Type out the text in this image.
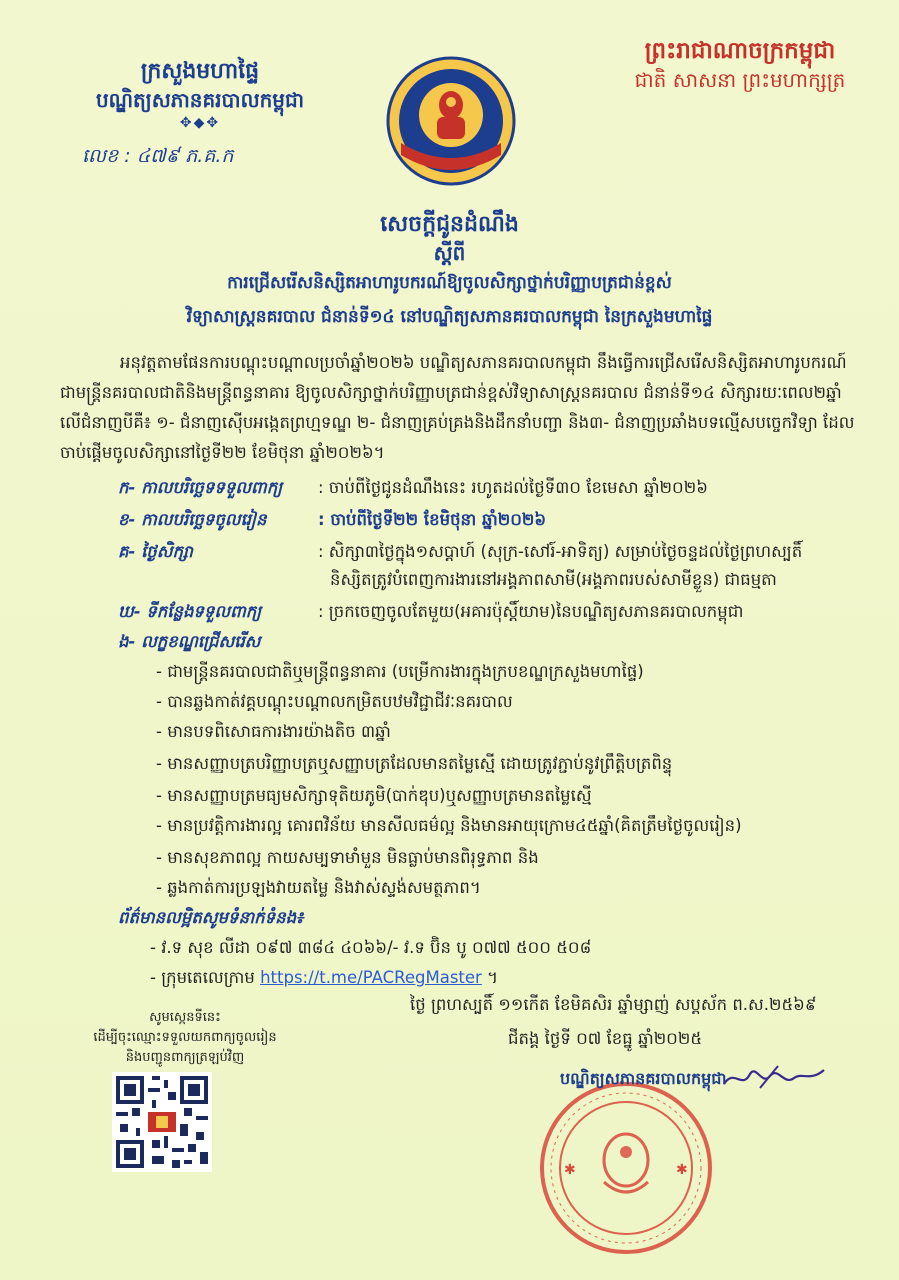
ក្រសួងមហាផ្ទៃ
បណ្ឌិត្យសភានគរបាលកម្ពុជា
✥◆✥
លេខ : ៤៧៩ ភ.គ.ក
ព្រះរាជាណាចក្រកម្ពុជា
ជាតិ សាសនា ព្រះមហាក្សត្រ
សេចក្តីជូនដំណឹង
ស្តីពី
ការជ្រើសរើសនិស្សិតអាហារូបករណ៍ឱ្យចូលសិក្សាថ្នាក់បរិញ្ញាបត្រជាន់ខ្ពស់
វិទ្យាសាស្ត្រនគរបាល ជំនាន់ទី១៤ នៅបណ្ឌិត្យសភានគរបាលកម្ពុជា នៃក្រសួងមហាផ្ទៃ
អនុវត្តតាមផែនការបណ្តុះបណ្តាលប្រចាំឆ្នាំ២០២៦ បណ្ឌិត្យសភានគរបាលកម្ពុជា នឹងធ្វើការជ្រើសរើសនិស្សិតអាហារូបករណ៍ជាមន្ត្រីនគរបាលជាតិនិងមន្ត្រីពន្ធនាគារ ឱ្យចូលសិក្សាថ្នាក់បរិញ្ញាបត្រជាន់ខ្ពស់វិទ្យាសាស្ត្រនគរបាល ជំនាន់ទី១៤ សិក្សារយៈពេល២ឆ្នាំ លើជំនាញបីគឺ៖ ១- ជំនាញស៊ើបអង្កេតព្រហ្មទណ្ឌ ២- ជំនាញគ្រប់គ្រងនិងដឹកនាំបញ្ជា និង៣- ជំនាញប្រឆាំងបទល្មើសបច្ចេកវិទ្យា ដែលចាប់ផ្តើមចូលសិក្សានៅថ្ងៃទី២២ ខែមិថុនា ឆ្នាំ២០២៦។
ក- កាលបរិច្ឆេទទទួលពាក្យ : ចាប់ពីថ្ងៃជូនដំណឹងនេះ រហូតដល់ថ្ងៃទី៣០ ខែមេសា ឆ្នាំ២០២៦
ខ- កាលបរិច្ឆេទចូលរៀន	: ចាប់ពីថ្ងៃទី២២ ខែមិថុនា ឆ្នាំ២០២៦
គ- ថ្ងៃសិក្សា	: សិក្សា៣ថ្ងៃក្នុង១សប្តាហ៍ (សុក្រ-សៅរ៍-អាទិត្យ) សម្រាប់ថ្ងៃចន្ទដល់ថ្ងៃព្រហស្បតិ៍
និស្សិតត្រូវបំពេញការងារនៅអង្គភាពសាមី(អង្គភាពរបស់សាមីខ្លួន) ជាធម្មតា
ឃ- ទីកន្លែងទទួលពាក្យ	: ច្រកចេញចូលតែមួយ(អគារប៉ុស្តិ៍យាម)នៃបណ្ឌិត្យសភានគរបាលកម្ពុជា
ង- លក្ខខណ្ឌជ្រើសរើស
- ជាមន្ត្រីនគរបាលជាតិឬមន្ត្រីពន្ធនាគារ (បម្រើការងារក្នុងក្របខណ្ឌក្រសួងមហាផ្ទៃ)
- បានឆ្លងកាត់វគ្គបណ្តុះបណ្តាលកម្រិតបឋមវិជ្ជាជីវៈនគរបាល
- មានបទពិសោធការងារយ៉ាងតិច ៣ឆ្នាំ
- មានសញ្ញាបត្របរិញ្ញាបត្រឬសញ្ញាបត្រដែលមានតម្លៃស្មើ ដោយត្រូវភ្ជាប់នូវព្រឹត្តិបត្រពិន្ទុ
- មានសញ្ញាបត្រមធ្យមសិក្សាទុតិយភូមិ(បាក់ឌុប)ឬសញ្ញាបត្រមានតម្លៃស្មើ
- មានប្រវត្តិការងារល្អ គោរពវិន័យ មានសីលធម៌ល្អ និងមានអាយុក្រោម៤៥ឆ្នាំ(គិតត្រឹមថ្ងៃចូលរៀន)
- មានសុខភាពល្អ កាយសម្បទាមាំមួន មិនធ្លាប់មានពិរុទ្ធភាព និង
- ឆ្លងកាត់ការប្រឡងវាយតម្លៃ និងវាស់ស្ទង់សមត្ថភាព។
ព័ត៌មានលម្អិតសូមទំនាក់ទំនង៖
- វ.ទ សុខ លីដា ០៩៧ ៣៨៤ ៤០៦៦/- វ.ទ ប៊ិន បូ ០៧៧ ៥០០ ៥០៨
- ក្រុមតេលេក្រាម https://t.me/PACRegMaster ។
សូមស្កេនទីនេះ
ដើម្បីចុះឈ្មោះទទួលយកពាក្យចូលរៀន
និងបញ្ជូនពាក្យត្រឡប់វិញ
ថ្ងៃ ព្រហស្បតិ៍ ១១កើត ខែមិគសិរ ឆ្នាំម្សាញ់ សប្តស័ក ព.ស.២៥៦៩
ជីតង្គ ថ្ងៃទី ០៧ ខែធ្នូ ឆ្នាំ២០២៥
✱	✱
បណ្ឌិត្យសភានគរបាលកម្ពុជា
